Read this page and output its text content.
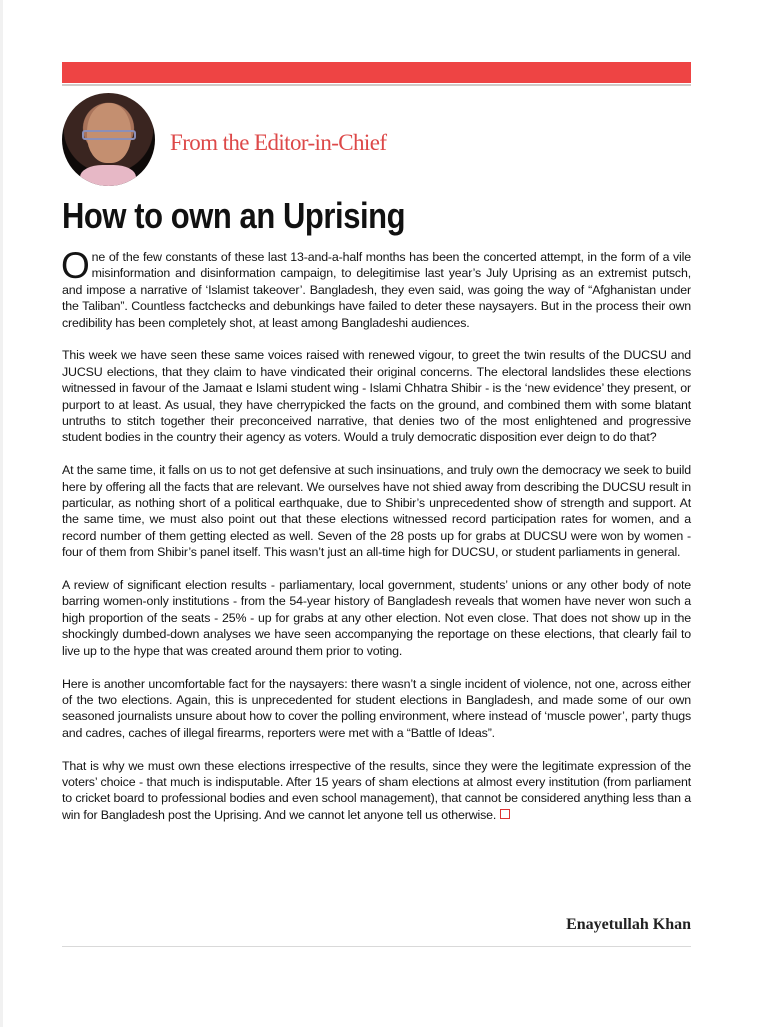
From the Editor-in-Chief
How to own an Uprising

One of the few constants of these last 13-and-a-half months has been the concerted attempt, in the form of a vile misinformation and disinformation campaign, to delegitimise last year’s July Uprising as an extremist putsch, and impose a narrative of ‘Islamist takeover’. Bangladesh, they even said, was going the way of “Afghanistan under the Taliban”. Countless factchecks and debunkings have failed to deter these naysayers. But in the process their own credibility has been completely shot, at least among Bangladeshi audiences.

This week we have seen these same voices raised with renewed vigour, to greet the twin results of the DUCSU and JUCSU elections, that they claim to have vindicated their original concerns. The electoral landslides these elections witnessed in favour of the Jamaat e Islami student wing - Islami Chhatra Shibir - is the ‘new evidence’ they present, or purport to at least. As usual, they have cherrypicked the facts on the ground, and combined them with some blatant untruths to stitch together their preconceived narrative, that denies two of the most enlightened and progressive student bodies in the country their agency as voters. Would a truly democratic disposition ever deign to do that?

At the same time, it falls on us to not get defensive at such insinuations, and truly own the democracy we seek to build here by offering all the facts that are relevant. We ourselves have not shied away from describing the DUCSU result in particular, as nothing short of a political earthquake, due to Shibir’s unprecedented show of strength and support. At the same time, we must also point out that these elections witnessed record participation rates for women, and a record number of them getting elected as well. Seven of the 28 posts up for grabs at DUCSU were won by women - four of them from Shibir’s panel itself. This wasn’t just an all-time high for DUCSU, or student parliaments in general.

A review of significant election results - parliamentary, local government, students’ unions or any other body of note barring women-only institutions - from the 54-year history of Bangladesh reveals that women have never won such a high proportion of the seats - 25% - up for grabs at any other election. Not even close. That does not show up in the shockingly dumbed-down analyses we have seen accompanying the reportage on these elections, that clearly fail to live up to the hype that was created around them prior to voting.

Here is another uncomfortable fact for the naysayers: there wasn’t a single incident of violence, not one, across either of the two elections. Again, this is unprecedented for student elections in Bangladesh, and made some of our own seasoned journalists unsure about how to cover the polling environment, where instead of ‘muscle power’, party thugs and cadres, caches of illegal firearms, reporters were met with a “Battle of Ideas”.

That is why we must own these elections irrespective of the results, since they were the legitimate expression of the voters’ choice - that much is indisputable. After 15 years of sham elections at almost every institution (from parliament to cricket board to professional bodies and even school management), that cannot be considered anything less than a win for Bangladesh post the Uprising. And we cannot let anyone tell us otherwise.

Enayetullah Khan
